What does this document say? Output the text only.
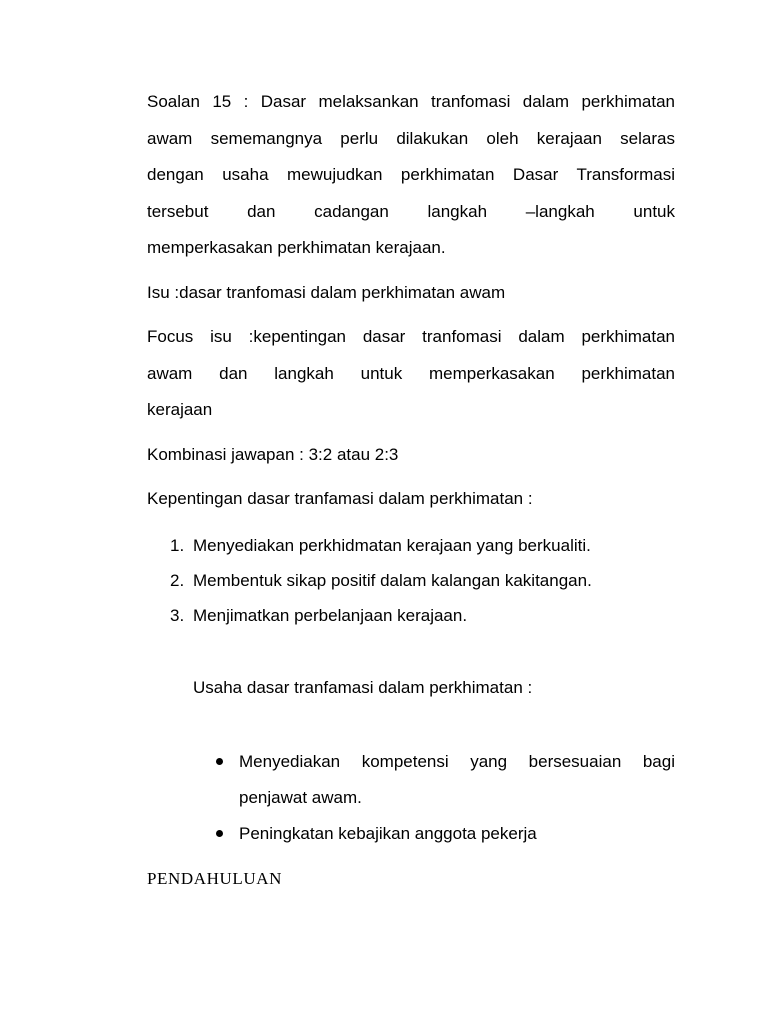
Soalan 15 : Dasar melaksankan tranfomasi dalam perkhimatan
awam sememangnya perlu dilakukan oleh kerajaan selaras
dengan usaha mewujudkan perkhimatan Dasar Transformasi
tersebut dan cadangan langkah –langkah untuk
memperkasakan perkhimatan kerajaan.

Isu :dasar tranfomasi dalam perkhimatan awam

Focus isu :kepentingan dasar tranfomasi dalam perkhimatan
awam dan langkah untuk memperkasakan perkhimatan
kerajaan

Kombinasi jawapan : 3:2 atau 2:3

Kepentingan dasar tranfamasi dalam perkhimatan :

1. Menyediakan perkhidmatan kerajaan yang berkualiti.
2. Membentuk sikap positif dalam kalangan kakitangan.
3. Menjimatkan perbelanjaan kerajaan.

Usaha dasar tranfamasi dalam perkhimatan :

Menyediakan kompetensi yang bersesuaian bagi
penjawat awam.
Peningkatan kebajikan anggota pekerja

PENDAHULUAN
